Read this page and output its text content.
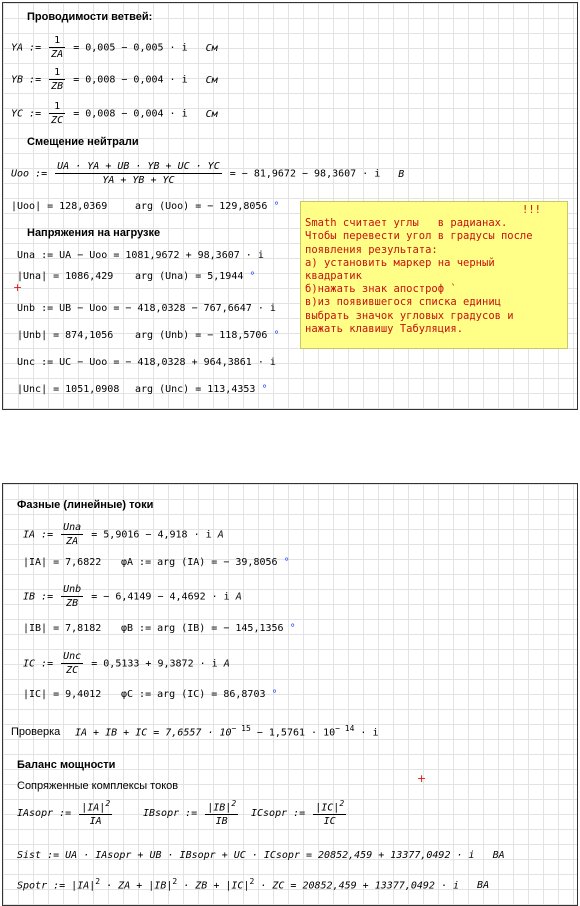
Проводимости ветвей:
YA := $\frac{1}{ZA} = 0,005 - 0,005 \cdot i$ См
YB := $\frac{1}{ZB} = 0,008 - 0,004 \cdot i$ См
YC := $\frac{1}{ZC} = 0,008 - 0,004 \cdot i$ См
Смещение нейтрали
Uoo := $\frac{UA \cdot YA + UB \cdot YB + UC \cdot YC}{YA + YB + YC}$ = − 81,9672 − 98,3607 · i В
|Uoo| = 128,0369	arg (Uoo) = − 129,8056 °
Напряжения на нагрузке
Una := UA − Uoo = 1081,9672 + 98,3607 · i
|Una| = 1086,429 arg (Una) = 5,1944 °
+
Unb := UB − Uoo = − 418,0328 − 767,6647 · i
|Unb| = 874,1056 arg (Unb) = − 118,5706 °
Unc := UC − Uoo = − 418,0328 + 964,3861 · i
|Unc| = 1051,0908 arg (Unc) = 113,4353 °
!!!
Smath считает углы   в радианах.
Чтобы перевести угол в градусы после
появления результата:
а) установить маркер на черный
квадратик
б)нажать знак апостроф `
в)из появившегося списка единиц
выбрать значок угловых градусов и
нажать клавишу Табуляция.
Фазные (линейные) токи
IA := $\frac{\text{Una}}{ZA} = 5,9016 - 4,918 \cdot i$ A
|IA| = 7,6822 φA := arg (IA) = − 39,8056 °
IB := $\frac{\text{Unb}}{ZB}$ = − 6,4149 − 4,4692 · i A
|IB| = 7,8182 φB := arg (IB) = − 145,1356 °
IC := $\frac{\text{Unc}}{ZC} = 0,5133 + 9,3872 \cdot i$ A
|IC| = 9,4012 φC := arg (IC) = 86,8703 °
Проверка IA + IB + IC = $7,6557 \cdot 10^{- 15} - 1,5761 \cdot 10^{- 14} \cdot i$
Баланс мощности
Сопряженные комплексы токов
+
IAsopr := $\frac{|IA|^2}{IA}$	IBsopr := $\frac{|IB|^2}{IB}$ ICsopr := $\frac{|IC|^2}{IC}$
Sist := UA · IAsopr + UB · IBsopr + UC · ICsopr = 20852,459 + 13377,0492 · i ВА
Spotr := $|IA|^2$ · ZA + $|IB|^2$ · ZB + $|IC|^2$ · ZC = 20852,459 + 13377,0492 · i ВА
